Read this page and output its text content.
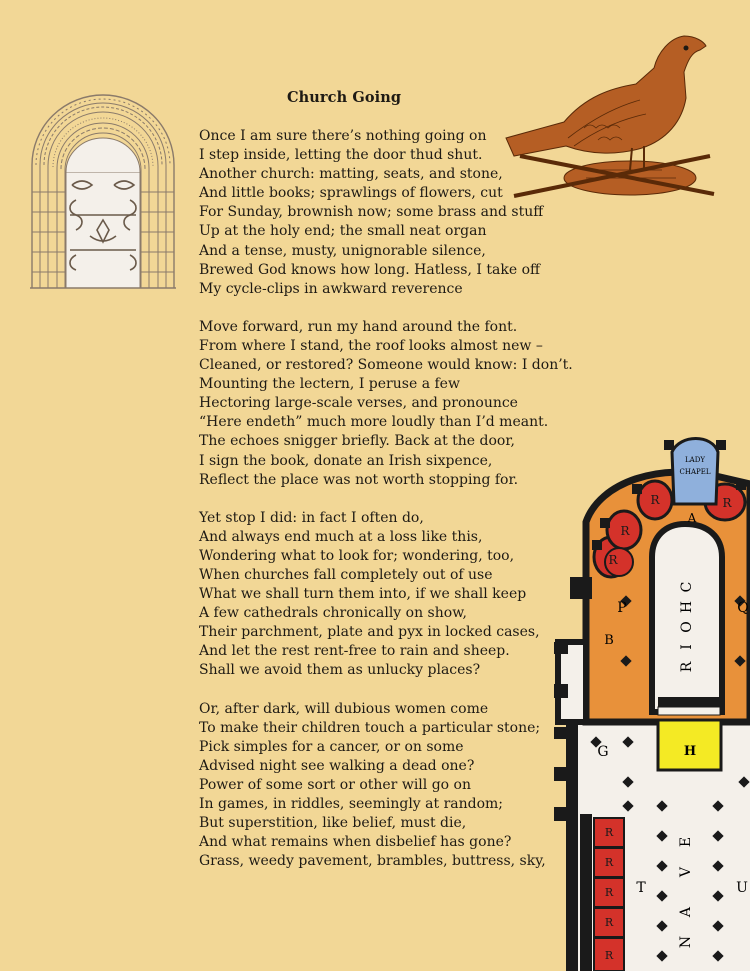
Church Going
Once I am sure there’s nothing going on
I step inside, letting the door thud shut.
Another church: matting, seats, and stone,
And little books; sprawlings of flowers, cut
For Sunday, brownish now; some brass and stuff
Up at the holy end; the small neat organ
And a tense, musty, unignorable silence,
Brewed God knows how long. Hatless, I take off
My cycle-clips in awkward reverence
Move forward, run my hand around the font.
From where I stand, the roof looks almost new –
Cleaned, or restored? Someone would know: I don’t.
Mounting the lectern, I peruse a few
Hectoring large-scale verses, and pronounce
“Here endeth” much more loudly than I’d meant.
The echoes snigger briefly. Back at the door,
I sign the book, donate an Irish sixpence,
Reflect the place was not worth stopping for.
Yet stop I did: in fact I often do,
And always end much at a loss like this,
Wondering what to look for; wondering, too,
When churches fall completely out of use
What we shall turn them into, if we shall keep
A few cathedrals chronically on show,
Their parchment, plate and pyx in locked cases,
And let the rest rent-free to rain and sheep.
Shall we avoid them as unlucky places?
Or, after dark, will dubious women come
To make their children touch a particular stone;
Pick simples for a cancer, or on some
Advised night see walking a dead one?
Power of some sort or other will go on
In games, in riddles, seemingly at random;
But superstition, like belief, must die,
And what remains when disbelief has gone?
Grass, weedy pavement, brambles, buttress, sky,
LADY
CHAPEL
R
R
R
R
A
P	Q
B
G	H
T	U
R
R
R
R
R
C
H
O
I
R
N
A
V
E
